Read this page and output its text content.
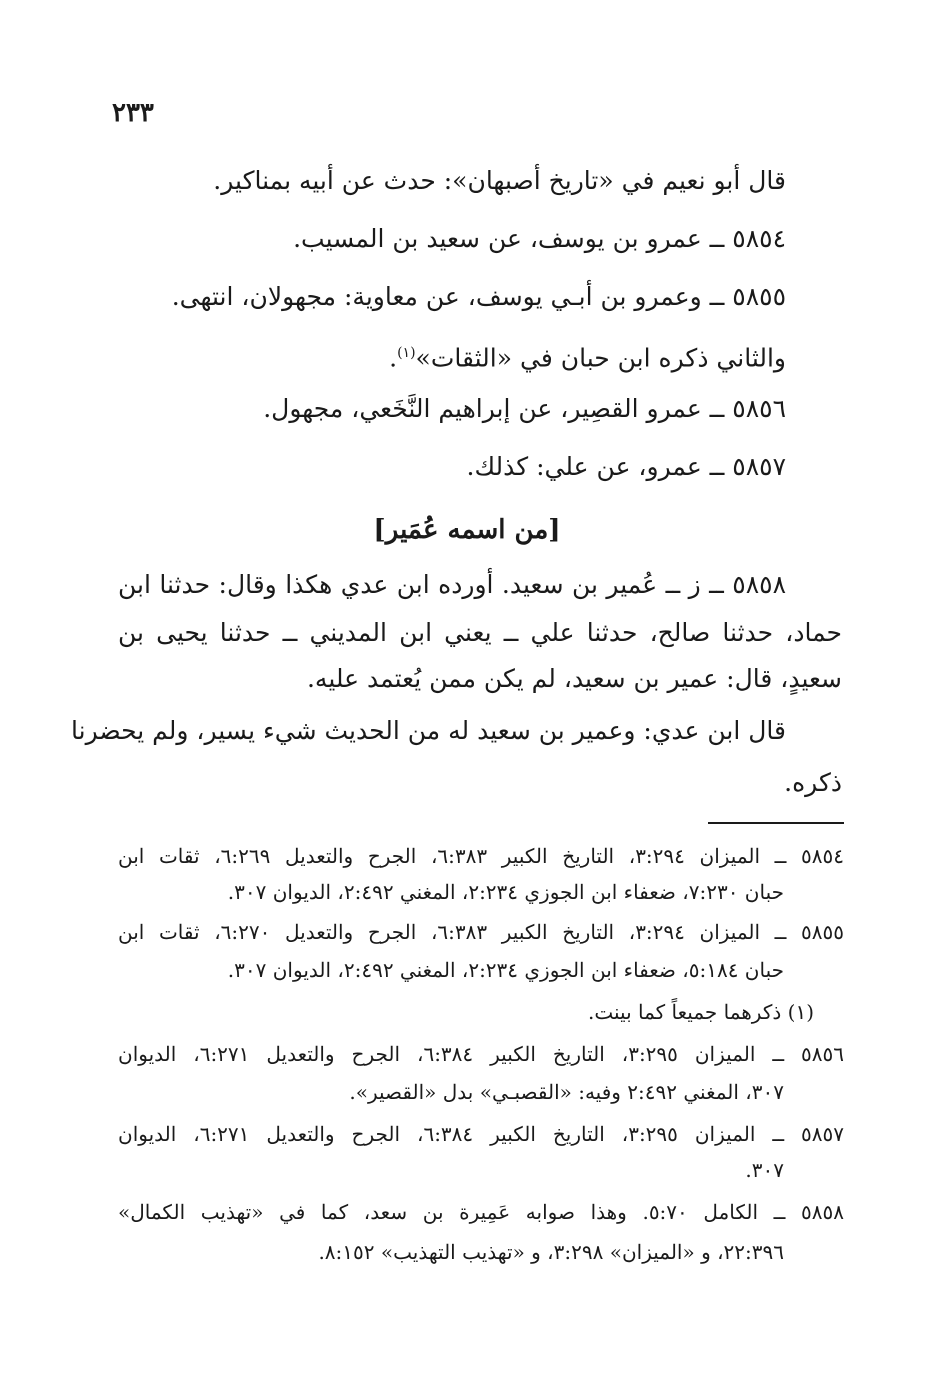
٢٣٣
قال أبو نعيم في «تاريخ أصبهان»: حدث عن أبيه بمناكير.
٥٨٥٤ ــ عمرو بن يوسف، عن سعيد بن المسيب.
٥٨٥٥ ــ وعمرو بن أبـي يوسف، عن معاوية: مجهولان، انتهى.
والثاني ذكره ابن حبان في «الثقات»$^{(١)}$.
٥٨٥٦ ــ عمرو القصِير، عن إبراهيم النَّخَعي، مجهول.
٥٨٥٧ ــ عمرو، عن علي: كذلك.
[من اسمه عُمَير]
٥٨٥٨ ــ ز ــ عُمير بن سعيد. أورده ابن عدي هكذا وقال: حدثنا ابن
حماد، حدثنا صالح، حدثنا علي ــ يعني ابن المديني ــ حدثنا يحيى بن
سعيدٍ، قال: عمير بن سعيد، لم يكن ممن يُعتمد عليه.
قال ابن عدي: وعمير بن سعيد له من الحديث شيء يسير، ولم يحضرنا
ذكره.
٥٨٥٤ ــ الميزان ٣:٢٩٤، التاريخ الكبير ٦:٣٨٣، الجرح والتعديل ٦:٢٦٩، ثقات ابن
حبان ٧:٢٣٠، ضعفاء ابن الجوزي ٢:٢٣٤، المغني ٢:٤٩٢، الديوان ٣٠٧.
٥٨٥٥ ــ الميزان ٣:٢٩٤، التاريخ الكبير ٦:٣٨٣، الجرح والتعديل ٦:٢٧٠، ثقات ابن
حبان ٥:١٨٤، ضعفاء ابن الجوزي ٢:٢٣٤، المغني ٢:٤٩٢، الديوان ٣٠٧.
(١) ذكرهما جميعاً كما بينت.
٥٨٥٦ ــ الميزان ٣:٢٩٥، التاريخ الكبير ٦:٣٨٤، الجرح والتعديل ٦:٢٧١، الديوان
٣٠٧، المغني ٢:٤٩٢ وفيه: «القصبـي» بدل «القصير».
٥٨٥٧ ــ الميزان ٣:٢٩٥، التاريخ الكبير ٦:٣٨٤، الجرح والتعديل ٦:٢٧١، الديوان
٣٠٧.
٥٨٥٨ ــ الكامل ٥:٧٠. وهذا صوابه عَمِيرة بن سعد، كما في «تهذيب الكمال»
٢٢:٣٩٦، و «الميزان» ٣:٢٩٨، و «تهذيب التهذيب» ٨:١٥٢.
